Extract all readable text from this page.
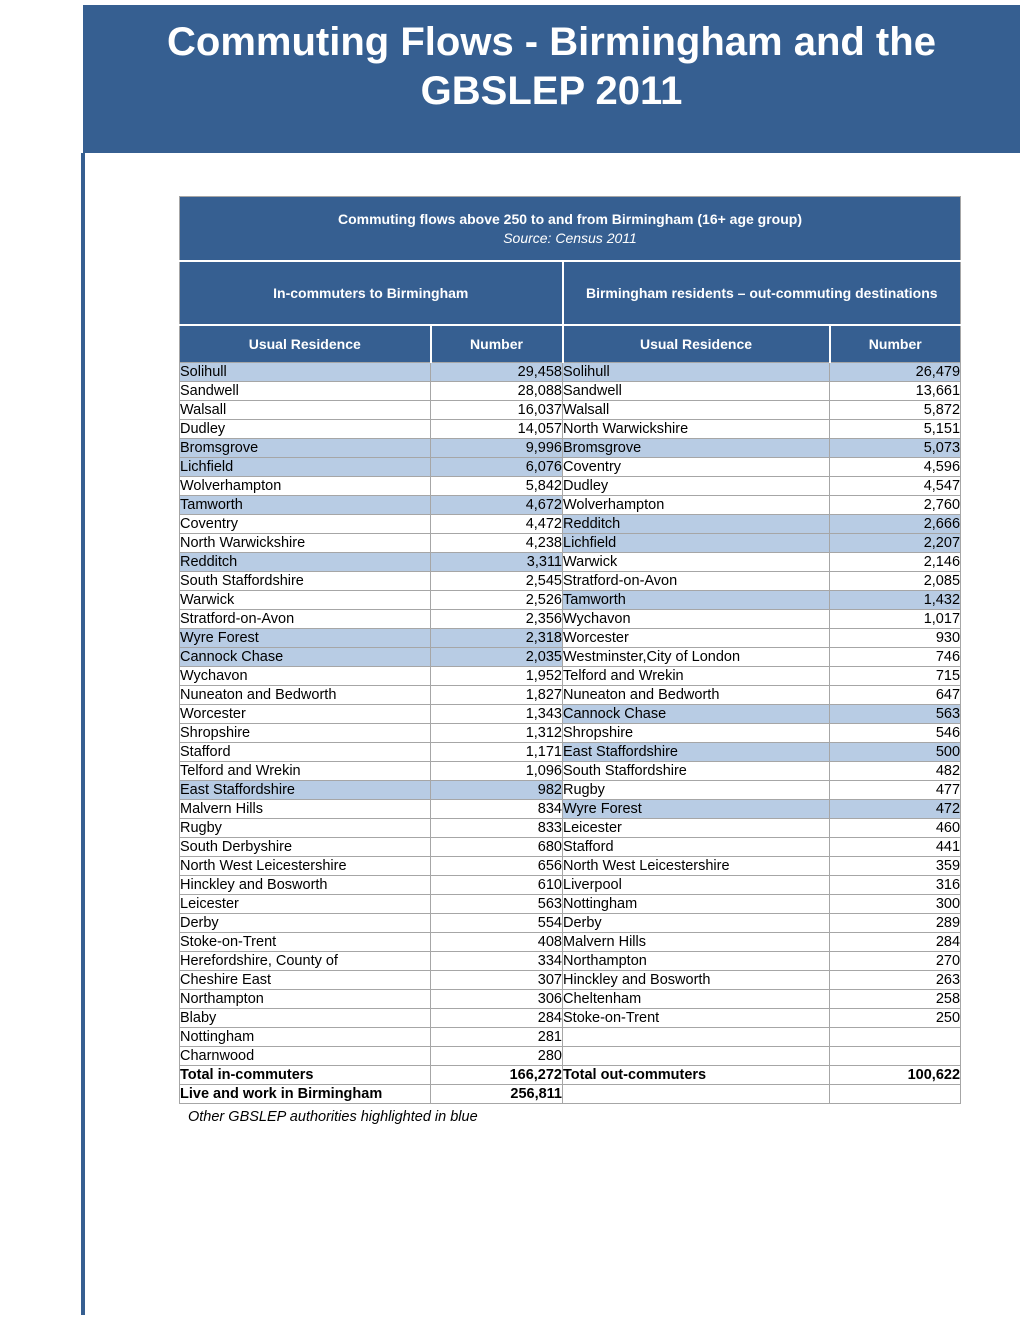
Commuting Flows - Birmingham and the GBSLEP 2011
Commuting flows above 250 to and from Birmingham (16+ age group)
Source: Census 2011			

In-commuters to Birmingham		Birmingham residents – out-commuting destinations	
Usual Residence	Number	Usual Residence	Number
Solihull	29,458	Solihull	26,479
Sandwell	28,088	Sandwell	13,661
Walsall	16,037	Walsall	5,872
Dudley	14,057	North Warwickshire	5,151
Bromsgrove	9,996	Bromsgrove	5,073
Lichfield	6,076	Coventry	4,596
Wolverhampton	5,842	Dudley	4,547
Tamworth	4,672	Wolverhampton	2,760
Coventry	4,472	Redditch	2,666
North Warwickshire	4,238	Lichfield	2,207
Redditch	3,311	Warwick	2,146
South Staffordshire	2,545	Stratford-on-Avon	2,085
Warwick	2,526	Tamworth	1,432
Stratford-on-Avon	2,356	Wychavon	1,017
Wyre Forest	2,318	Worcester	930
Cannock Chase	2,035	Westminster,City of London	746
Wychavon	1,952	Telford and Wrekin	715
Nuneaton and Bedworth	1,827	Nuneaton and Bedworth	647
Worcester	1,343	Cannock Chase	563
Shropshire	1,312	Shropshire	546
Stafford	1,171	East Staffordshire	500
Telford and Wrekin	1,096	South Staffordshire	482
East Staffordshire	982	Rugby	477
Malvern Hills	834	Wyre Forest	472
Rugby	833	Leicester	460
South Derbyshire	680	Stafford	441
North West Leicestershire	656	North West Leicestershire	359
Hinckley and Bosworth	610	Liverpool	316
Leicester	563	Nottingham	300
Derby	554	Derby	289
Stoke-on-Trent	408	Malvern Hills	284
Herefordshire, County of	334	Northampton	270
Cheshire East	307	Hinckley and Bosworth	263
Northampton	306	Cheltenham	258
Blaby	284	Stoke-on-Trent	250
Nottingham	281		
Charnwood	280		
Total in-commuters	166,272	Total out-commuters	100,622
Live and work in Birmingham	256,811		
Other GBSLEP authorities highlighted in blue
